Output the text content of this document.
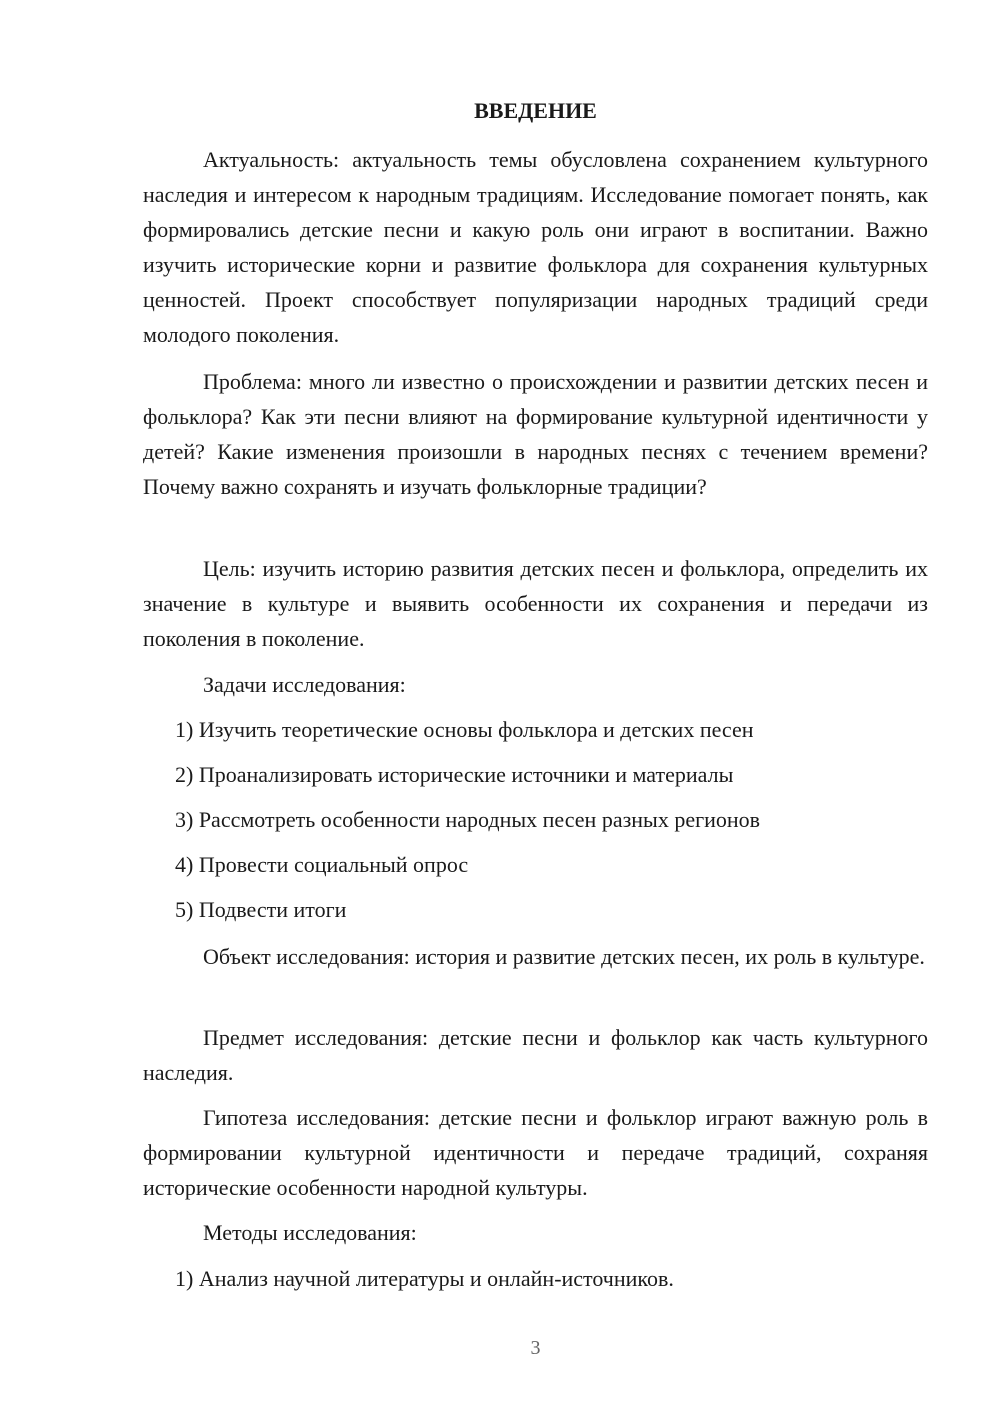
ВВЕДЕНИЕ

Актуальность: актуальность темы обусловлена сохранением культурного наследия и интересом к народным традициям. Исследование помогает понять, как формировались детские песни и какую роль они играют в воспитании. Важно изучить исторические корни и развитие фольклора для сохранения культурных ценностей. Проект способствует популяризации народных традиций среди молодого поколения.

Проблема: много ли известно о происхождении и развитии детских песен и фольклора? Как эти песни влияют на формирование культурной идентичности у детей? Какие изменения произошли в народных песнях с течением времени? Почему важно сохранять и изучать фольклорные традиции?

Цель: изучить историю развития детских песен и фольклора, определить их значение в культуре и выявить особенности их сохранения и передачи из поколения в поколение.

Задачи исследования:
1) Изучить теоретические основы фольклора и детских песен
2) Проанализировать исторические источники и материалы
3) Рассмотреть особенности народных песен разных регионов
4) Провести социальный опрос
5) Подвести итоги

Объект исследования: история и развитие детских песен, их роль в культуре.

Предмет исследования: детские песни и фольклор как часть культурного наследия.

Гипотеза исследования: детские песни и фольклор играют важную роль в формировании культурной идентичности и передаче традиций, сохраняя исторические особенности народной культуры.

Методы исследования:
1) Анализ научной литературы и онлайн-источников.
3
